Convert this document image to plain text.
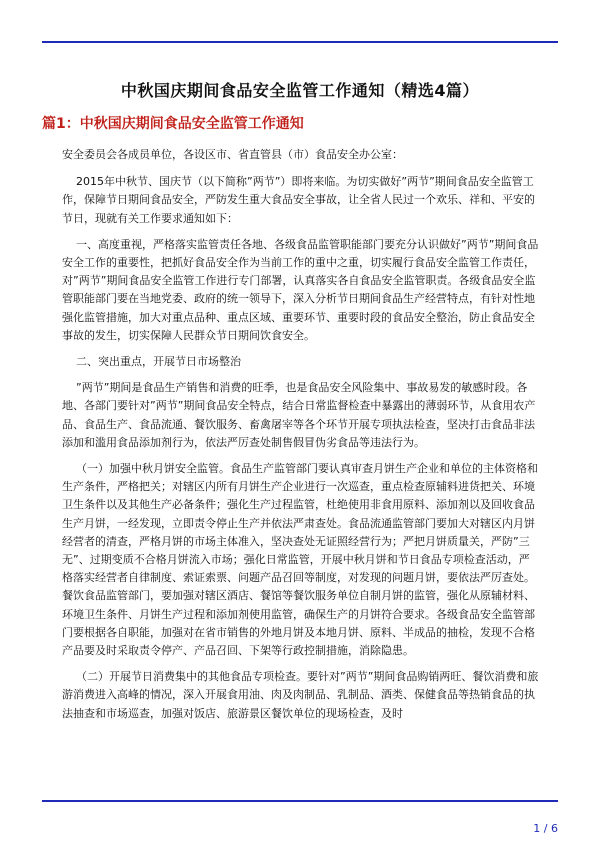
中秋国庆期间食品安全监管工作通知（精选4篇）
篇1：中秋国庆期间食品安全监管工作通知

安全委员会各成员单位，各设区市、省直管县（市）食品安全办公室：

2015年中秋节、国庆节（以下简称”两节”）即将来临。为切实做好”两节”期间食品安全监管工作，保障节日期间食品安全，严防发生重大食品安全事故，让全省人民过一个欢乐、祥和、平安的节日，现就有关工作要求通知如下：

一、高度重视，严格落实监管责任各地、各级食品监管职能部门要充分认识做好”两节”期间食品安全工作的重要性，把抓好食品安全作为当前工作的重中之重，切实履行食品安全监管工作责任，对”两节”期间食品安全监管工作进行专门部署，认真落实各自食品安全监管职责。各级食品安全监管职能部门要在当地党委、政府的统一领导下，深入分析节日期间食品生产经营特点，有针对性地强化监管措施，加大对重点品种、重点区域、重要环节、重要时段的食品安全整治，防止食品安全事故的发生，切实保障人民群众节日期间饮食安全。

二、突出重点，开展节日市场整治

”两节”期间是食品生产销售和消费的旺季，也是食品安全风险集中、事故易发的敏感时段。各地、各部门要针对”两节”期间食品安全特点，结合日常监督检查中暴露出的薄弱环节，从食用农产品、食品生产、食品流通、餐饮服务、畜禽屠宰等各个环节开展专项执法检查，坚决打击食品非法添加和滥用食品添加剂行为，依法严厉查处制售假冒伪劣食品等违法行为。

（一）加强中秋月饼安全监管。食品生产监管部门要认真审查月饼生产企业和单位的主体资格和生产条件，严格把关；对辖区内所有月饼生产企业进行一次巡查，重点检查原辅料进货把关、环境卫生条件以及其他生产必备条件；强化生产过程监管，杜绝使用非食用原料、添加剂以及回收食品生产月饼，一经发现，立即责令停止生产并依法严肃查处。食品流通监管部门要加大对辖区内月饼经营者的清查，严格月饼的市场主体准入，坚决查处无证照经营行为；严把月饼质量关，严防”三无”、过期变质不合格月饼流入市场；强化日常监管，开展中秋月饼和节日食品专项检查活动，严格落实经营者自律制度、索证索票、问题产品召回等制度，对发现的问题月饼，要依法严厉查处。餐饮食品监管部门，要加强对辖区酒店、餐馆等餐饮服务单位自制月饼的监管，强化从原辅材料、环境卫生条件、月饼生产过程和添加剂使用监管，确保生产的月饼符合要求。各级食品安全监管部门要根据各自职能，加强对在省市销售的外地月饼及本地月饼、原料、半成品的抽检，发现不合格产品要及时采取责令停产、产品召回、下架等行政控制措施，消除隐患。

（二）开展节日消费集中的其他食品专项检查。要针对”两节”期间食品购销两旺、餐饮消费和旅游消费进入高峰的情况，深入开展食用油、肉及肉制品、乳制品、酒类、保健食品等热销食品的执法抽查和市场巡查，加强对饭店、旅游景区餐饮单位的现场检查，及时

1 / 6
